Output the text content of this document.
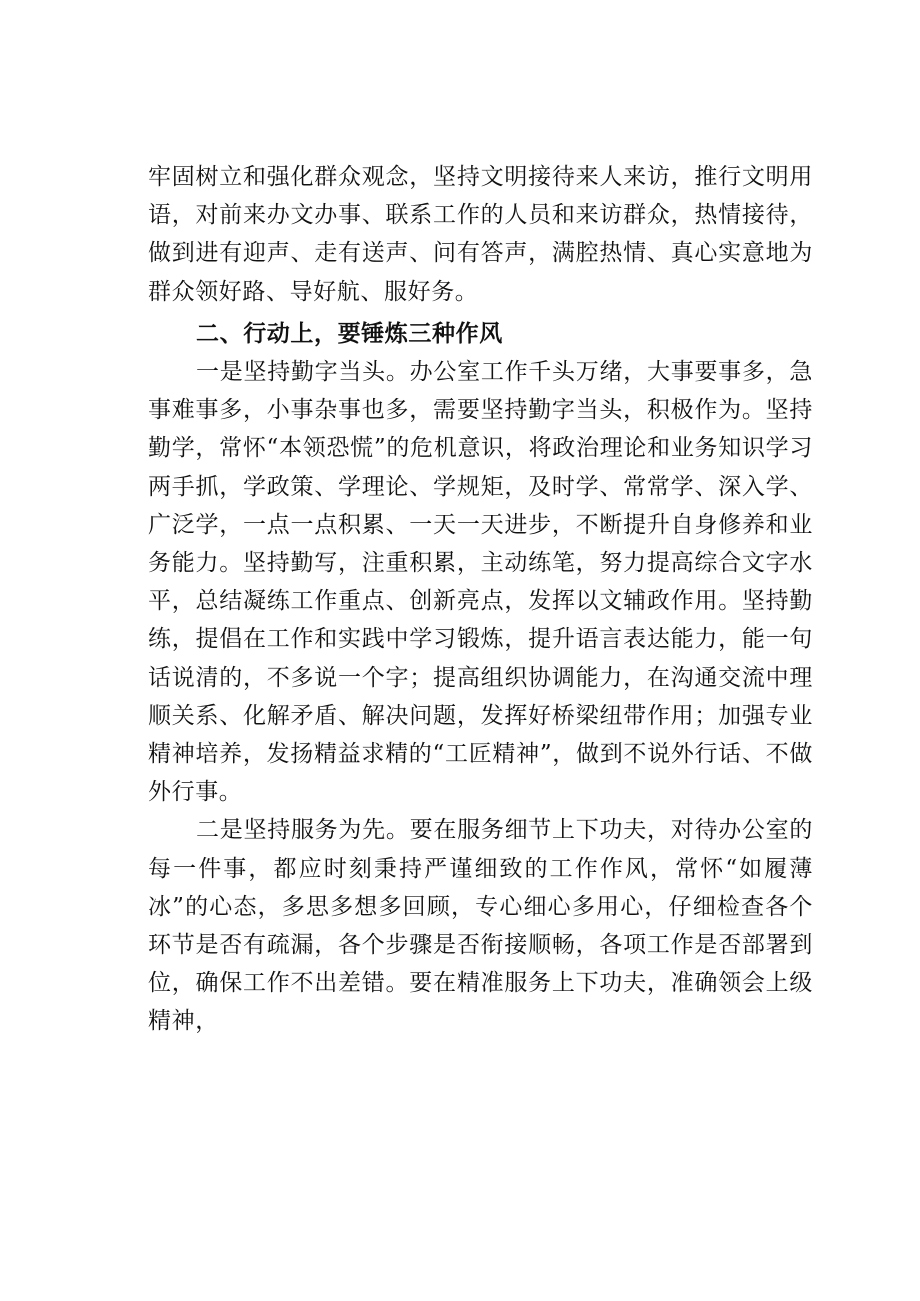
牢固树立和强化群众观念，坚持文明接待来人来访，推行文明用语，对前来办文办事、联系工作的人员和来访群众，热情接待，做到进有迎声、走有送声、问有答声，满腔热情、真心实意地为群众领好路、导好航、服好务。

二、行动上，要锤炼三种作风

一是坚持勤字当头。办公室工作千头万绪，大事要事多，急事难事多，小事杂事也多，需要坚持勤字当头，积极作为。坚持勤学，常怀“本领恐慌”的危机意识，将政治理论和业务知识学习两手抓，学政策、学理论、学规矩，及时学、常常学、深入学、广泛学，一点一点积累、一天一天进步，不断提升自身修养和业务能力。坚持勤写，注重积累，主动练笔，努力提高综合文字水平，总结凝练工作重点、创新亮点，发挥以文辅政作用。坚持勤练，提倡在工作和实践中学习锻炼，提升语言表达能力，能一句话说清的，不多说一个字；提高组织协调能力，在沟通交流中理顺关系、化解矛盾、解决问题，发挥好桥梁纽带作用；加强专业精神培养，发扬精益求精的“工匠精神”，做到不说外行话、不做外行事。

二是坚持服务为先。要在服务细节上下功夫，对待办公室的每一件事，都应时刻秉持严谨细致的工作作风，常怀“如履薄冰”的心态，多思多想多回顾，专心细心多用心，仔细检查各个环节是否有疏漏，各个步骤是否衔接顺畅，各项工作是否部署到位，确保工作不出差错。要在精准服务上下功夫，准确领会上级精神，
